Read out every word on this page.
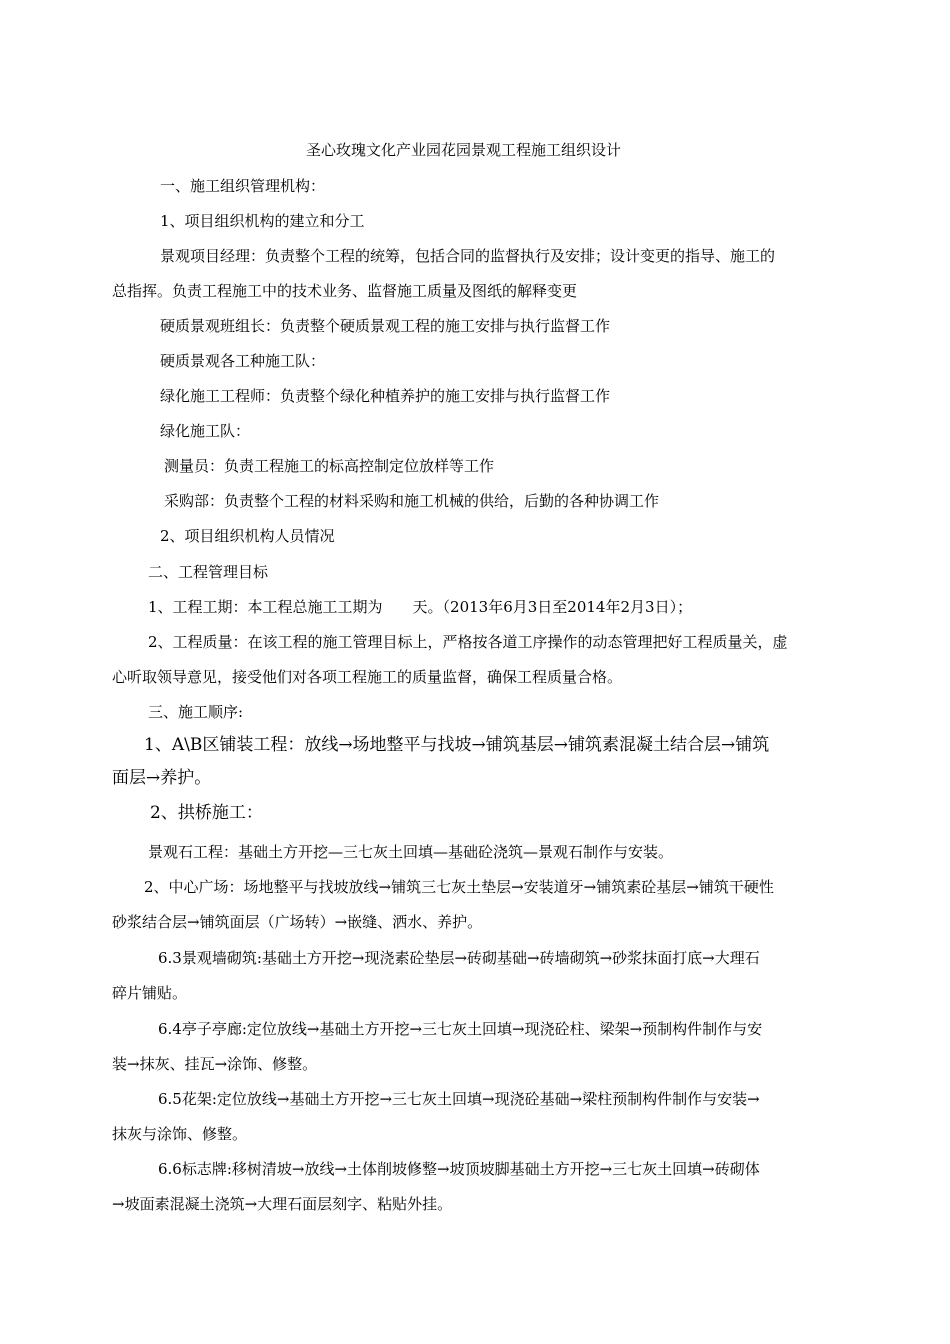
圣心玫瑰文化产业园花园景观工程施工组织设计
一、施工组织管理机构：
1、项目组织机构的建立和分工
景观项目经理：负责整个工程的统筹，包括合同的监督执行及安排；设计变更的指导、施工的
总指挥。负责工程施工中的技术业务、监督施工质量及图纸的解释变更
硬质景观班组长：负责整个硬质景观工程的施工安排与执行监督工作
硬质景观各工种施工队：
绿化施工工程师：负责整个绿化种植养护的施工安排与执行监督工作
绿化施工队：
测量员：负责工程施工的标高控制定位放样等工作
采购部：负责整个工程的材料采购和施工机械的供给，后勤的各种协调工作
2、项目组织机构人员情况
二、工程管理目标
1、工程工期：本工程总施工工期为　　天。（2013年6月3日至2014年2月3日）；
2、工程质量：在该工程的施工管理目标上，严格按各道工序操作的动态管理把好工程质量关，虚
心听取领导意见，接受他们对各项工程施工的质量监督，确保工程质量合格。
三、施工顺序:
1、A\B区铺装工程：放线→场地整平与找坡→铺筑基层→铺筑素混凝土结合层→铺筑
面层→养护。
2、拱桥施工：
景观石工程：基础土方开挖—三七灰土回填—基础砼浇筑—景观石制作与安装。
2、中心广场：场地整平与找坡放线→铺筑三七灰土垫层→安装道牙→铺筑素砼基层→铺筑干硬性
砂浆结合层→铺筑面层（广场转）→嵌缝、洒水、养护。
6.3景观墙砌筑:基础土方开挖→现浇素砼垫层→砖砌基础→砖墙砌筑→砂浆抹面打底→大理石
碎片铺贴。
6.4亭子亭廊:定位放线→基础土方开挖→三七灰土回填→现浇砼柱、梁架→预制构件制作与安
装→抹灰、挂瓦→涂饰、修整。
6.5花架:定位放线→基础土方开挖→三七灰土回填→现浇砼基础→梁柱预制构件制作与安装→
抹灰与涂饰、修整。
6.6标志牌:移树清坡→放线→土体削坡修整→坡顶坡脚基础土方开挖→三七灰土回填→砖砌体
→坡面素混凝土浇筑→大理石面层刻字、粘贴外挂。
